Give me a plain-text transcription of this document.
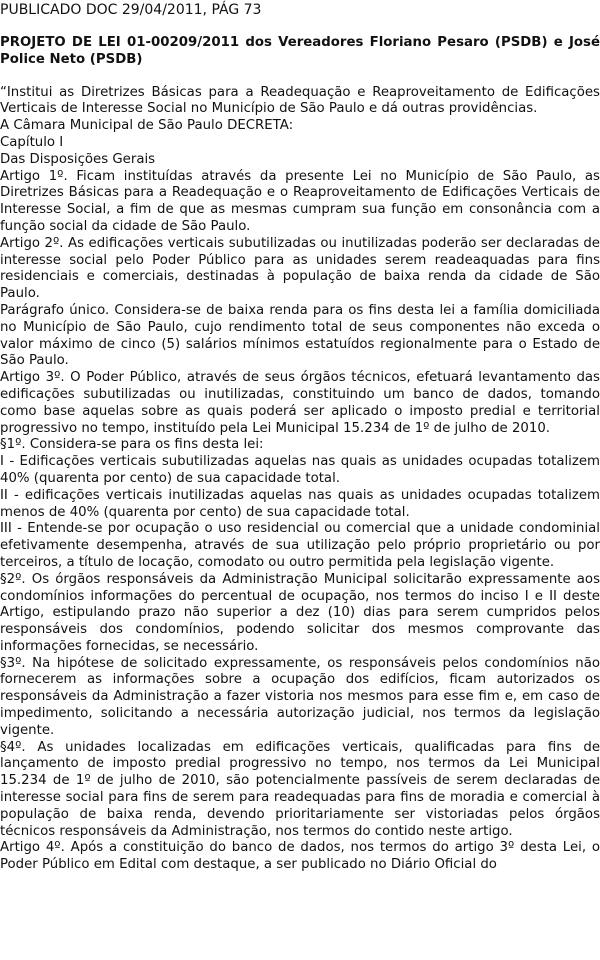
PUBLICADO DOC 29/04/2011, PÁG 73
PROJETO DE LEI 01-00209/2011 dos Vereadores Floriano Pesaro (PSDB) e José Police Neto (PSDB)
“Institui as Diretrizes Básicas para a Readequação e Reaproveitamento de Edificações Verticais de Interesse Social no Município de São Paulo e dá outras providências.
A Câmara Municipal de São Paulo DECRETA:
Capítulo I
Das Disposições Gerais
Artigo 1º. Ficam instituídas através da presente Lei no Município de São Paulo, as Diretrizes Básicas para a Readequação e o Reaproveitamento de Edificações Verticais de Interesse Social, a fim de que as mesmas cumpram sua função em consonância com a função social da cidade de São Paulo.
Artigo 2º. As edificações verticais subutilizadas ou inutilizadas poderão ser declaradas de interesse social pelo Poder Público para as unidades serem readeaquadas para fins residenciais e comerciais, destinadas à população de baixa renda da cidade de São Paulo.
Parágrafo único. Considera-se de baixa renda para os fins desta lei a família domiciliada no Município de São Paulo, cujo rendimento total de seus componentes não exceda o valor máximo de cinco (5) salários mínimos estatuídos regionalmente para o Estado de São Paulo.
Artigo 3º. O Poder Público, através de seus órgãos técnicos, efetuará levantamento das edificações subutilizadas ou inutilizadas, constituindo um banco de dados, tomando como base aquelas sobre as quais poderá ser aplicado o imposto predial e territorial progressivo no tempo, instituído pela Lei Municipal 15.234 de 1º de julho de 2010.
§1º. Considera-se para os fins desta lei:
I - Edificações verticais subutilizadas aquelas nas quais as unidades ocupadas totalizem 40% (quarenta por cento) de sua capacidade total.
II - edificações verticais inutilizadas aquelas nas quais as unidades ocupadas totalizem menos de 40% (quarenta por cento) de sua capacidade total.
III - Entende-se por ocupação o uso residencial ou comercial que a unidade condominial efetivamente desempenha, através de sua utilização pelo próprio proprietário ou por terceiros, a título de locação, comodato ou outro permitida pela legislação vigente.
§2º. Os órgãos responsáveis da Administração Municipal solicitarão expressamente aos condomínios informações do percentual de ocupação, nos termos do inciso I e II deste Artigo, estipulando prazo não superior a dez (10) dias para serem cumpridos pelos responsáveis dos condomínios, podendo solicitar dos mesmos comprovante das informações fornecidas, se necessário.
§3º. Na hipótese de solicitado expressamente, os responsáveis pelos condomínios não fornecerem as informações sobre a ocupação dos edifícios, ficam autorizados os responsáveis da Administração a fazer vistoria nos mesmos para esse fim e, em caso de impedimento, solicitando a necessária autorização judicial, nos termos da legislação vigente.
§4º. As unidades localizadas em edificações verticais, qualificadas para fins de lançamento de imposto predial progressivo no tempo, nos termos da Lei Municipal 15.234 de 1º de julho de 2010, são potencialmente passíveis de serem declaradas de interesse social para fins de serem para readequadas para fins de moradia e comercial à população de baixa renda, devendo prioritariamente ser vistoriadas pelos órgãos técnicos responsáveis da Administração, nos termos do contido neste artigo.
Artigo 4º. Após a constituição do banco de dados, nos termos do artigo 3º desta Lei, o Poder Público em Edital com destaque, a ser publicado no Diário Oficial do
